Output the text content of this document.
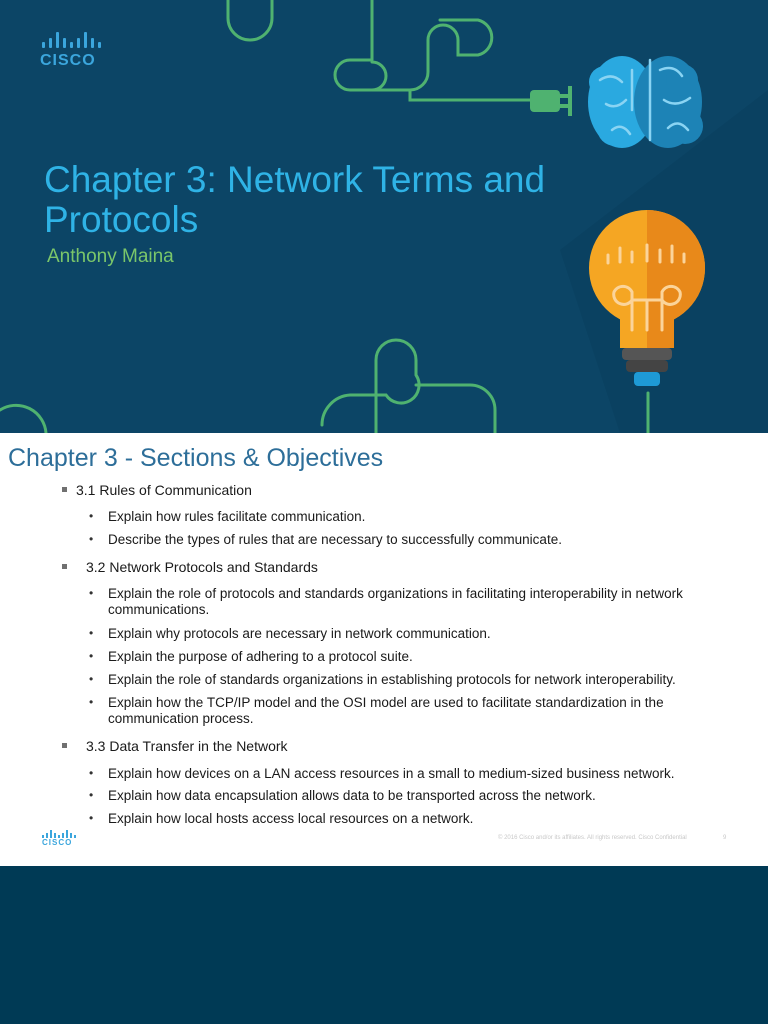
CISCO
Chapter 3: Network Terms and Protocols
Anthony Maina
Chapter 3 - Sections & Objectives
3.1 Rules of Communication
• Explain how rules facilitate communication.
• Describe the types of rules that are necessary to successfully communicate.
3.2 Network Protocols and Standards
• Explain the role of protocols and standards organizations in facilitating interoperability in network communications.
• Explain why protocols are necessary in network communication.
• Explain the purpose of adhering to a protocol suite.
• Explain the role of standards organizations in establishing protocols for network interoperability.
• Explain how the TCP/IP model and the OSI model are used to facilitate standardization in the communication process.
3.3 Data Transfer in the Network
• Explain how devices on a LAN access resources in a small to medium-sized business network.
• Explain how data encapsulation allows data to be transported across the network.
• Explain how local hosts access local resources on a network.
CISCO	© 2016 Cisco and/or its affiliates. All rights reserved. Cisco Confidential	9
